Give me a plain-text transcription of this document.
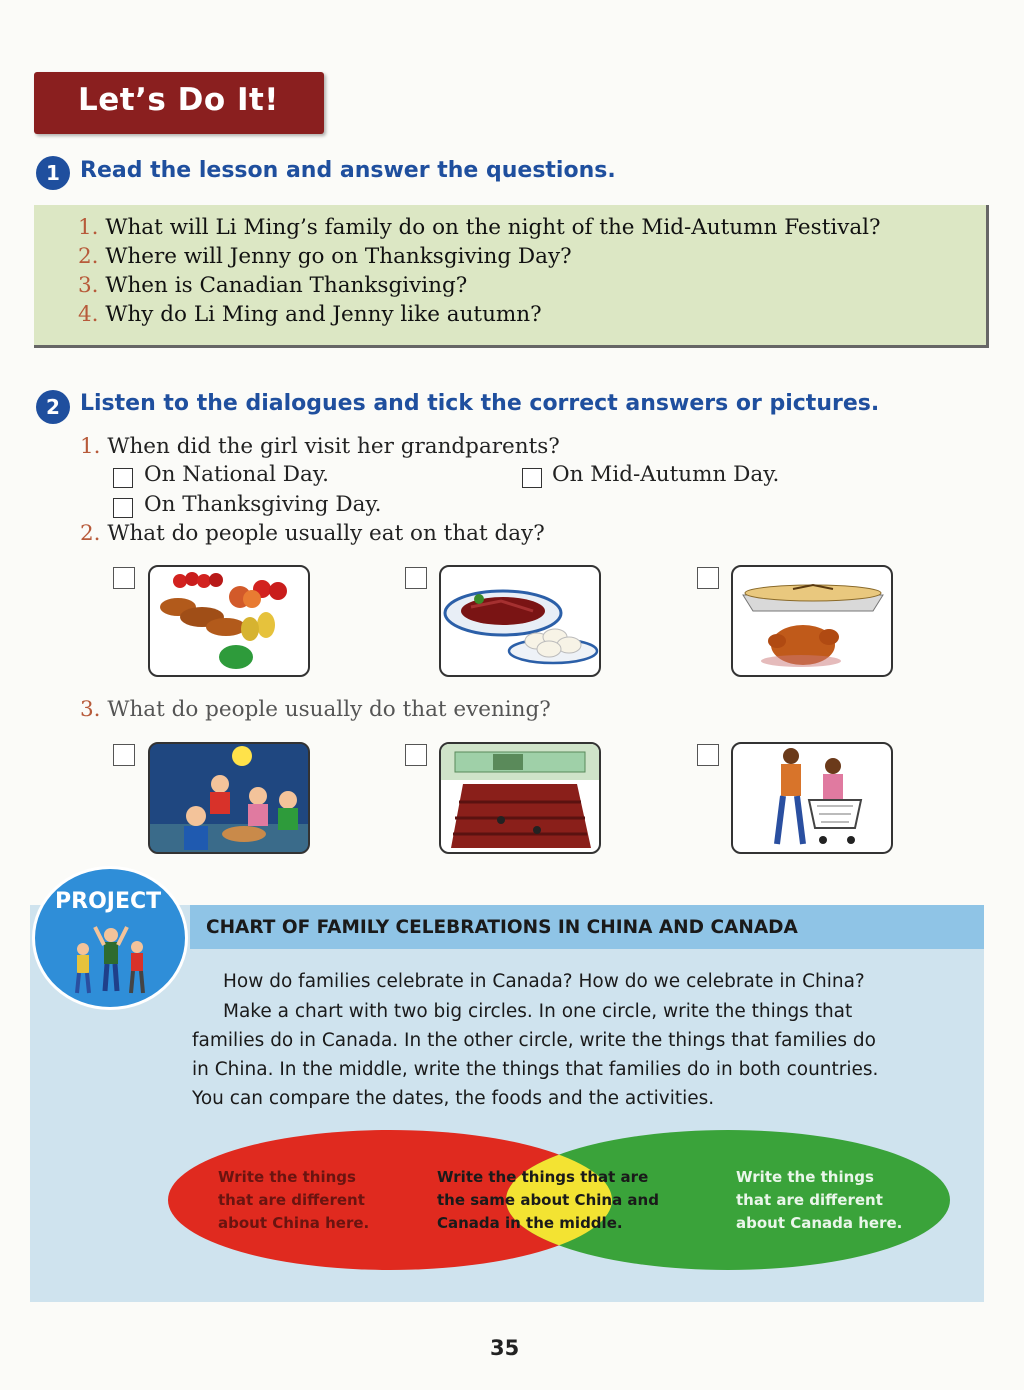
Let’s Do It!
1 Read the lesson and answer the questions.
1. What will Li Ming’s family do on the night of the Mid-Autumn Festival?
2. Where will Jenny go on Thanksgiving Day?
3. When is Canadian Thanksgiving?
4. Why do Li Ming and Jenny like autumn?
2 Listen to the dialogues and tick the correct answers or pictures.
1. When did the girl visit her grandparents?
On National Day.	On Mid-Autumn Day.
On Thanksgiving Day.
2. What do people usually eat on that day?
3. What do people usually do that evening?
CHART OF FAMILY CELEBRATIONS IN CHINA AND CANADA
PROJECT
How do families celebrate in Canada? How do we celebrate in China?
Make a chart with two big circles. In one circle, write the things that
families do in Canada. In the other circle, write the things that families do
in China. In the middle, write the things that families do in both countries.
You can compare the dates, the foods and the activities.
Write the things
that are different
about China here.
Write the things that are
the same about China and
Canada in the middle.
Write the things
that are different
about Canada here.
35
